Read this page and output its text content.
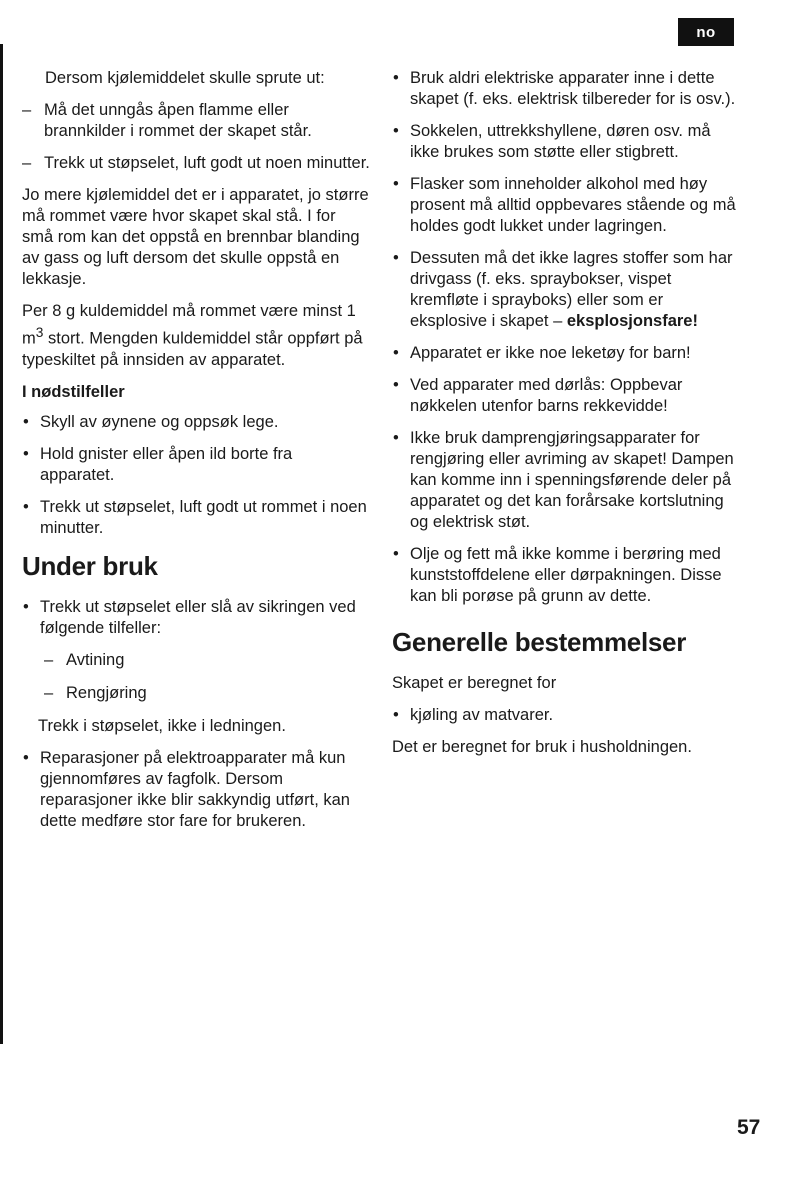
no

Dersom kjølemiddelet skulle sprute ut:

– Må det unngås åpen flamme eller brannkilder i rommet der skapet står.
– Trekk ut støpselet, luft godt ut noen minutter.

Jo mere kjølemiddel det er i apparatet, jo større må rommet være hvor skapet skal stå. I for små rom kan det oppstå en brennbar blanding av gass og luft dersom det skulle oppstå en lekkasje.

Per 8 g kuldemiddel må rommet være minst 1 $m^3$ stort. Mengden kuldemiddel står oppført på typeskiltet på innsiden av apparatet.

I nødstilfeller

• Skyll av øynene og oppsøk lege.
• Hold gnister eller åpen ild borte fra apparatet.
• Trekk ut støpselet, luft godt ut rommet i noen minutter.
Under bruk
• Trekk ut støpselet eller slå av sikringen ved følgende tilfeller:
– Avtining
– Rengjøring

Trekk i støpselet, ikke i ledningen.

• Reparasjoner på elektroapparater må kun gjennomføres av fagfolk. Dersom reparasjoner ikke blir sakkyndig utført, kan dette medføre stor fare for brukeren.
• Bruk aldri elektriske apparater inne i dette skapet (f. eks. elektrisk tilbereder for is osv.).
• Sokkelen, uttrekkshyllene, døren osv. må ikke brukes som støtte eller stigbrett.
• Flasker som inneholder alkohol med høy prosent må alltid oppbevares stående og må holdes godt lukket under lagringen.
• Dessuten må det ikke lagres stoffer som har drivgass (f. eks. spraybokser, vispet kremfløte i sprayboks) eller som er eksplosive i skapet – eksplosjonsfare!
• Apparatet er ikke noe leketøy for barn!
• Ved apparater med dørlås: Oppbevar nøkkelen utenfor barns rekkevidde!
• Ikke bruk damprengjøringsapparater for rengjøring eller avriming av skapet! Dampen kan komme inn i spenningsførende deler på apparatet og det kan forårsake kortslutning og elektrisk støt.
• Olje og fett må ikke komme i berøring med kunststoffdelene eller dørpakningen. Disse kan bli porøse på grunn av dette.
Generelle bestemmelser

Skapet er beregnet for

• kjøling av matvarer.

Det er beregnet for bruk i husholdningen.

57
